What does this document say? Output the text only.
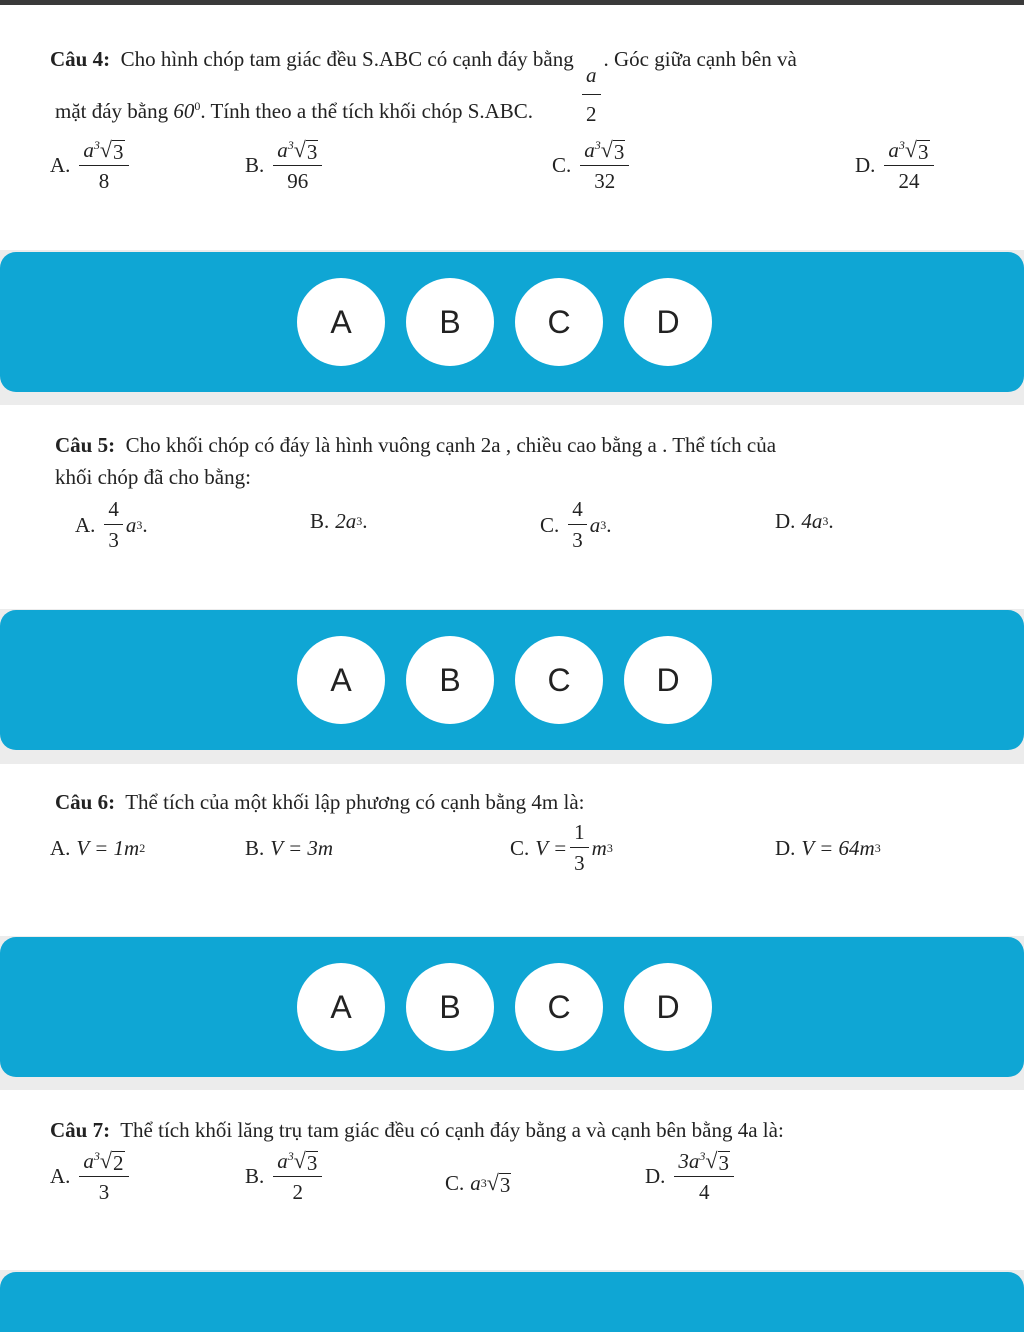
Câu 4: Cho hình chóp tam giác đều S.ABC có cạnh đáy bằng $\frac{a}{2}$ . Góc giữa cạnh bên và
mặt đáy bằng $60^0$. Tính theo a thể tích khối chóp S.ABC.
A. $\frac{a^3 √ 3}{8}$	B. $\frac{a^3 √ 3}{96}$	C. $\frac{a^3 √ 3}{32}$	D. $\frac{a^3 √ 3}{24}$
A	B	C	D
Câu 5: Cho khối chóp có đáy là hình vuông cạnh 2a , chiều cao bằng a . Thể tích của
khối chóp đã cho bằng:
A. $\frac{4}{3}$ a 3 .	B. 2a 3 .	C. $\frac{4}{3}$ a 3 .	D. 4a 3 .
A	B	C	D
Câu 6: Thể tích của một khối lập phương có cạnh bằng 4m là:
A. V = 1m 2	B. V = 3m	C. $V = \frac{1}{3}$ m 3	D. V = 64m 3
A	B	C	D
Câu 7: Thể tích khối lăng trụ tam giác đều có cạnh đáy bằng a và cạnh bên bằng 4a là:
A. $\frac{a^3 √ 2}{3}$	B. $\frac{a^3 √ 3}{2}$	C. a 3 √ 3	D. $\frac{3a^3 √ 3}{4}$
